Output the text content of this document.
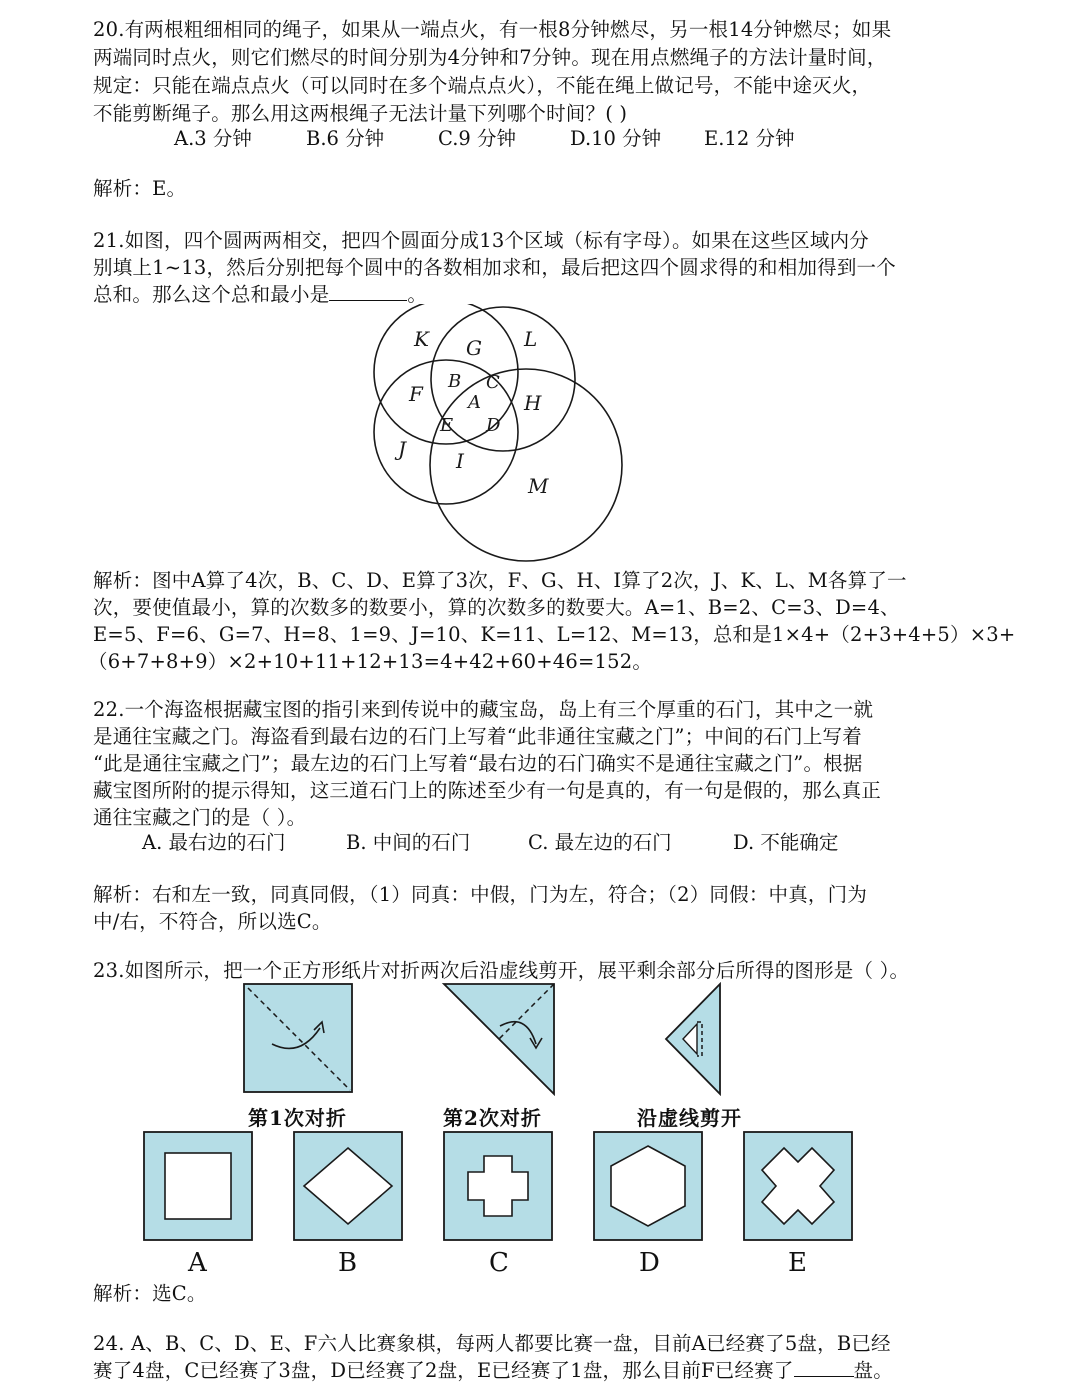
20.有两根粗细相同的绳子，如果从一端点火，有一根8分钟燃尽，另一根14分钟燃尽；如果
两端同时点火，则它们燃尽的时间分别为4分钟和7分钟。现在用点燃绳子的方法计量时间，
规定：只能在端点点火（可以同时在多个端点点火），不能在绳上做记号，不能中途灭火，
不能剪断绳子。那么用这两根绳子无法计量下列哪个时间？( )
A.3 分钟	B.6 分钟	C.9 分钟	D.10 分钟 E.12 分钟
解析：E。
21.如图，四个圆两两相交，把四个圆面分成13个区域（标有字母）。如果在这些区域内分
别填上1~13，然后分别把每个圆中的各数相加求和，最后把这四个圆求得的和相加得到一个
总和。那么这个总和最小是	。
K G L
B C
F	A H
E D
J I
M
解析：图中A算了4次，B、C、D、E算了3次，F、G、H、I算了2次，J、K、L、M各算了一
次，要使值最小，算的次数多的数要小，算的次数多的数要大。A=1、B=2、C=3、D=4、
E=5、F=6、G=7、H=8、1=9、J=10、K=11、L=12、M=13，总和是1×4+（2+3+4+5）×3+
（6+7+8+9）×2+10+11+12+13=4+42+60+46=152。
22.一个海盗根据藏宝图的指引来到传说中的藏宝岛，岛上有三个厚重的石门，其中之一就
是通往宝藏之门。海盗看到最右边的石门上写着“此非通往宝藏之门”；中间的石门上写着
“此是通往宝藏之门”；最左边的石门上写着“最右边的石门确实不是通往宝藏之门”。根据
藏宝图所附的提示得知，这三道石门上的陈述至少有一句是真的，有一句是假的，那么真正
通往宝藏之门的是（ ）。
A. 最右边的石门	B. 中间的石门	C. 最左边的石门	D. 不能确定
解析：右和左一致，同真同假，（1）同真：中假，门为左，符合；（2）同假：中真，门为
中/右，不符合，所以选C。
23.如图所示，把一个正方形纸片对折两次后沿虚线剪开，展平剩余部分后所得的图形是（ ）。
第1次对折	第2次对折	沿虚线剪开
A	B	C	D	E
解析：选C。
24. A、B、C、D、E、F六人比赛象棋，每两人都要比赛一盘，目前A已经赛了5盘，B已经
赛了4盘，C已经赛了3盘，D已经赛了2盘，E已经赛了1盘，那么目前F已经赛了	盘。
